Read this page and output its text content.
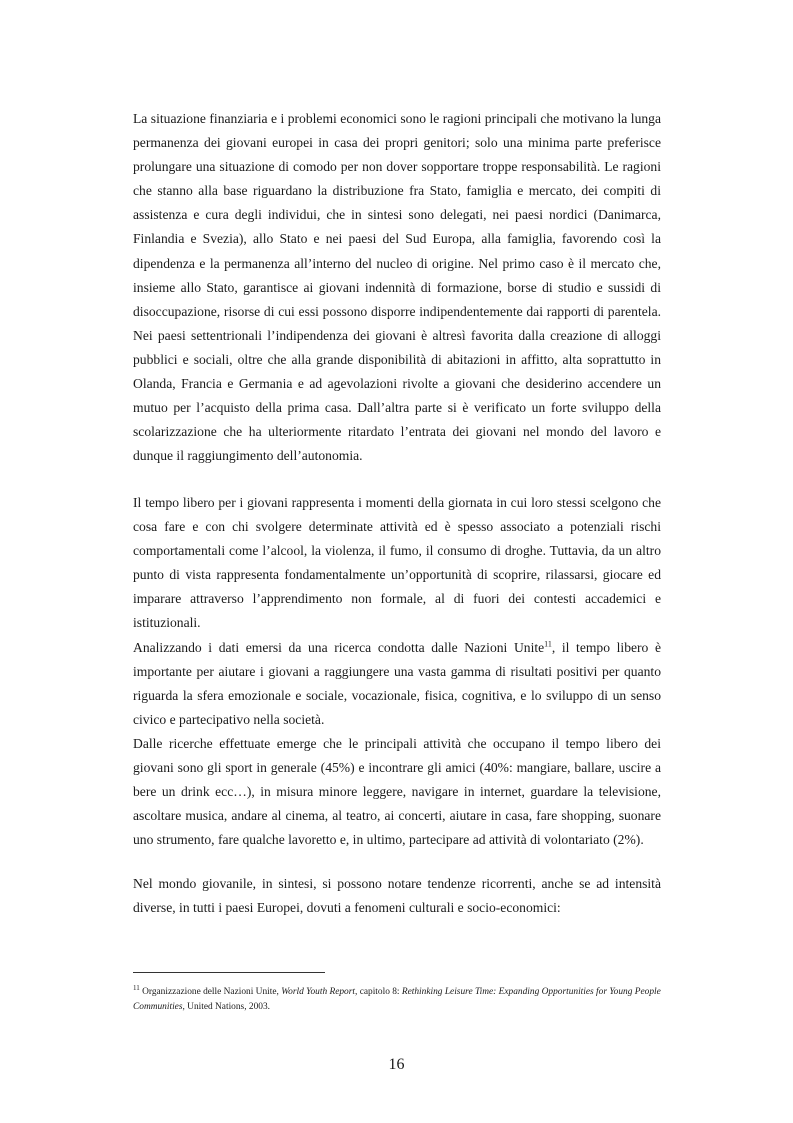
La situazione finanziaria e i problemi economici sono le ragioni principali che motivano la lunga permanenza dei giovani europei in casa dei propri genitori; solo una minima parte preferisce prolungare una situazione di comodo per non dover sopportare troppe responsabilità. Le ragioni che stanno alla base riguardano la distribuzione fra Stato, famiglia e mercato, dei compiti di assistenza e cura degli individui, che in sintesi sono delegati, nei paesi nordici (Danimarca, Finlandia e Svezia), allo Stato e nei paesi del Sud Europa, alla famiglia, favorendo così la dipendenza e la permanenza all’interno del nucleo di origine. Nel primo caso è il mercato che, insieme allo Stato, garantisce ai giovani indennità di formazione, borse di studio e sussidi di disoccupazione, risorse di cui essi possono disporre indipendentemente dai rapporti di parentela. Nei paesi settentrionali l’indipendenza dei giovani è altresì favorita dalla creazione di alloggi pubblici e sociali, oltre che alla grande disponibilità di abitazioni in affitto, alta soprattutto in Olanda, Francia e Germania e ad agevolazioni rivolte a giovani che desiderino accendere un mutuo per l’acquisto della prima casa. Dall’altra parte si è verificato un forte sviluppo della scolarizzazione che ha ulteriormente ritardato l’entrata dei giovani nel mondo del lavoro e dunque il raggiungimento dell’autonomia.

Il tempo libero per i giovani rappresenta i momenti della giornata in cui loro stessi scelgono che cosa fare e con chi svolgere determinate attività ed è spesso associato a potenziali rischi comportamentali come l’alcool, la violenza, il fumo, il consumo di droghe. Tuttavia, da un altro punto di vista rappresenta fondamentalmente un’opportunità di scoprire, rilassarsi, giocare ed imparare attraverso l’apprendimento non formale, al di fuori dei contesti accademici e istituzionali.

Analizzando i dati emersi da una ricerca condotta dalle Nazioni Unite$^{11}$, il tempo libero è importante per aiutare i giovani a raggiungere una vasta gamma di risultati positivi per quanto riguarda la sfera emozionale e sociale, vocazionale, fisica, cognitiva, e lo sviluppo di un senso civico e partecipativo nella società.

Dalle ricerche effettuate emerge che le principali attività che occupano il tempo libero dei giovani sono gli sport in generale (45%) e incontrare gli amici (40%: mangiare, ballare, uscire a bere un drink ecc…), in misura minore leggere, navigare in internet, guardare la televisione, ascoltare musica, andare al cinema, al teatro, ai concerti, aiutare in casa, fare shopping, suonare uno strumento, fare qualche lavoretto e, in ultimo, partecipare ad attività di volontariato (2%).

Nel mondo giovanile, in sintesi, si possono notare tendenze ricorrenti, anche se ad intensità diverse, in tutti i paesi Europei, dovuti a fenomeni culturali e socio-economici:

$^{11}$ Organizzazione delle Nazioni Unite, World Youth Report, capitolo 8: Rethinking Leisure Time: Expanding Opportunities for Young People Communities, United Nations, 2003.

16
